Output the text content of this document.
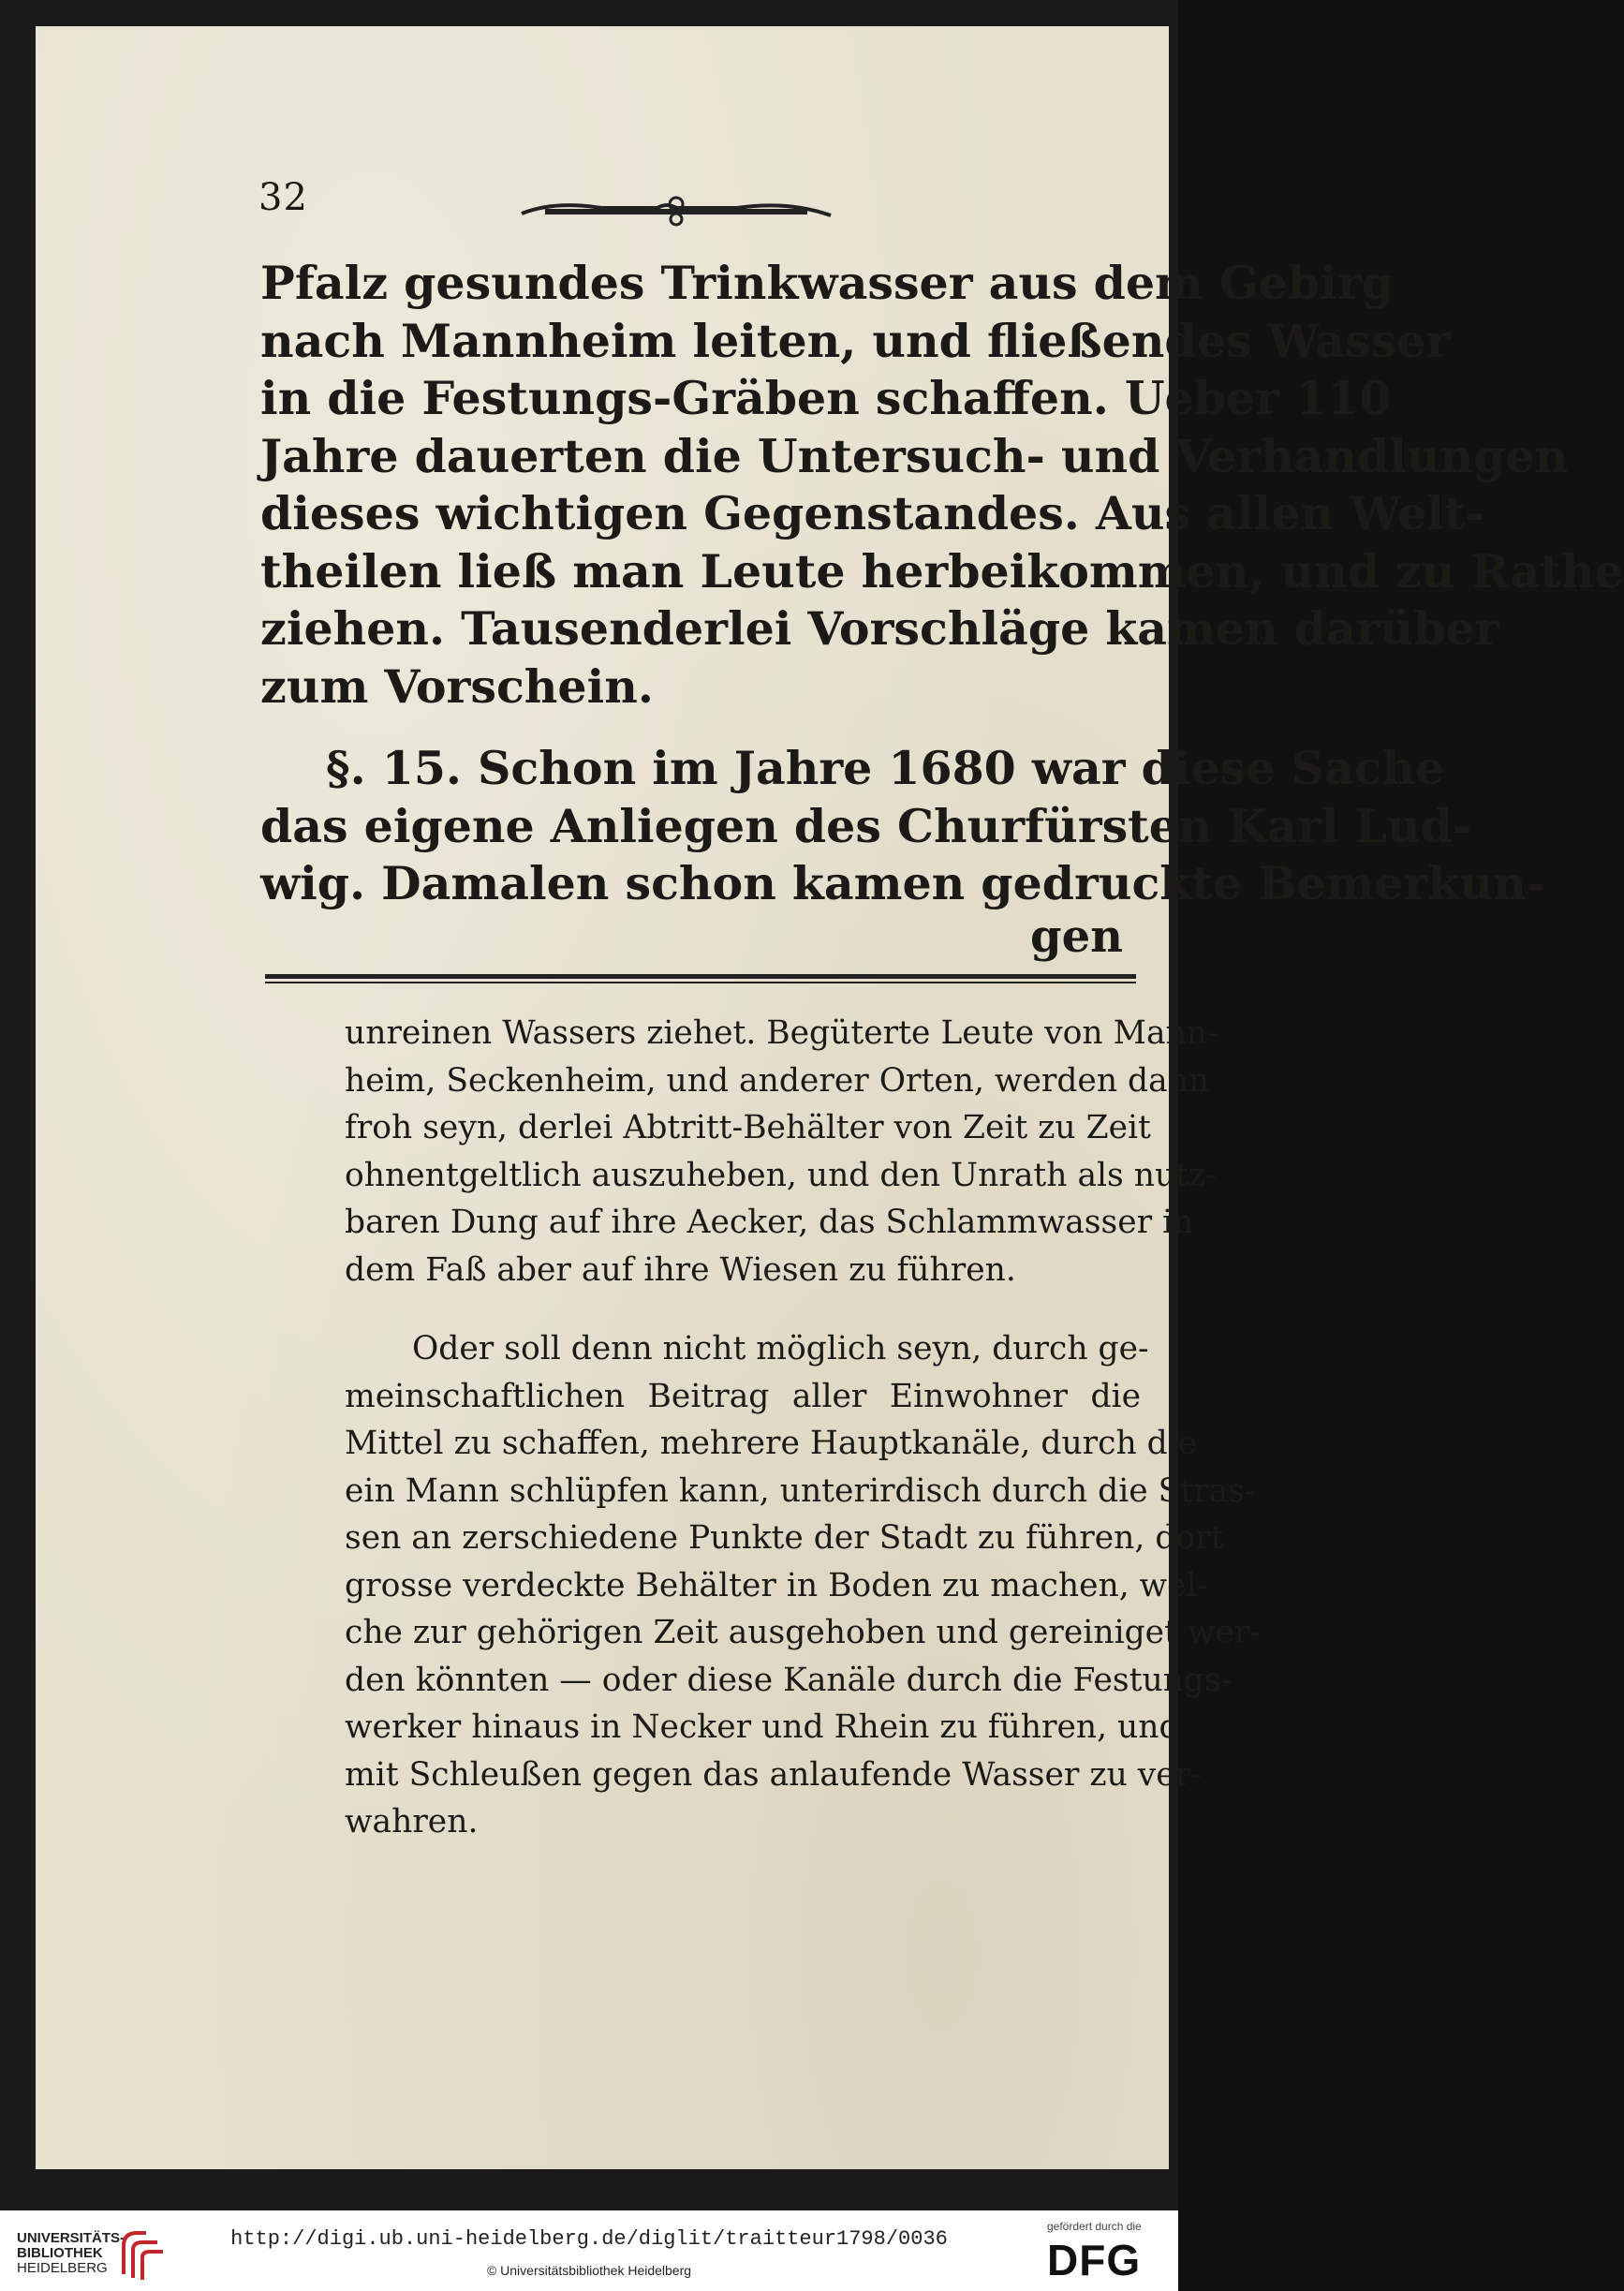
32
Pfalz gesundes Trinkwasser aus dem Gebirg
nach Mannheim leiten, und fließendes Wasser
in die Festungs-Gräben schaffen. Ueber 110
Jahre dauerten die Untersuch- und Verhandlungen
dieses wichtigen Gegenstandes. Aus allen Welt-
theilen ließ man Leute herbeikommen, und zu Rathe
ziehen. Tausenderlei Vorschläge kamen darüber
zum Vorschein.
§. 15. Schon im Jahre 1680 war diese Sache
das eigene Anliegen des Churfürsten Karl Lud-
wig. Damalen schon kamen gedruckte Bemerkun-
gen
unreinen Wassers ziehet. Begüterte Leute von Mann-
heim, Seckenheim, und anderer Orten, werden dann
froh seyn, derlei Abtritt-Behälter von Zeit zu Zeit
ohnentgeltlich auszuheben, und den Unrath als nutz-
baren Dung auf ihre Aecker, das Schlammwasser in
dem Faß aber auf ihre Wiesen zu führen.
Oder soll denn nicht möglich seyn, durch ge-
meinschaftlichen Beitrag aller Einwohner die
Mittel zu schaffen, mehrere Hauptkanäle, durch die
ein Mann schlüpfen kann, unterirdisch durch die Stras-
sen an zerschiedene Punkte der Stadt zu führen, dort
grosse verdeckte Behälter in Boden zu machen, wel-
che zur gehörigen Zeit ausgehoben und gereiniget wer-
den könnten — oder diese Kanäle durch die Festungs-
werker hinaus in Necker und Rhein zu führen, und
mit Schleußen gegen das anlaufende Wasser zu ver-
wahren.
UNIVERSITÄTS-
BIBLIOTHEK
HEIDELBERG
http://digi.ub.uni-heidelberg.de/diglit/traitteur1798/0036
© Universitätsbibliothek Heidelberg
gefördert durch die
DFG
